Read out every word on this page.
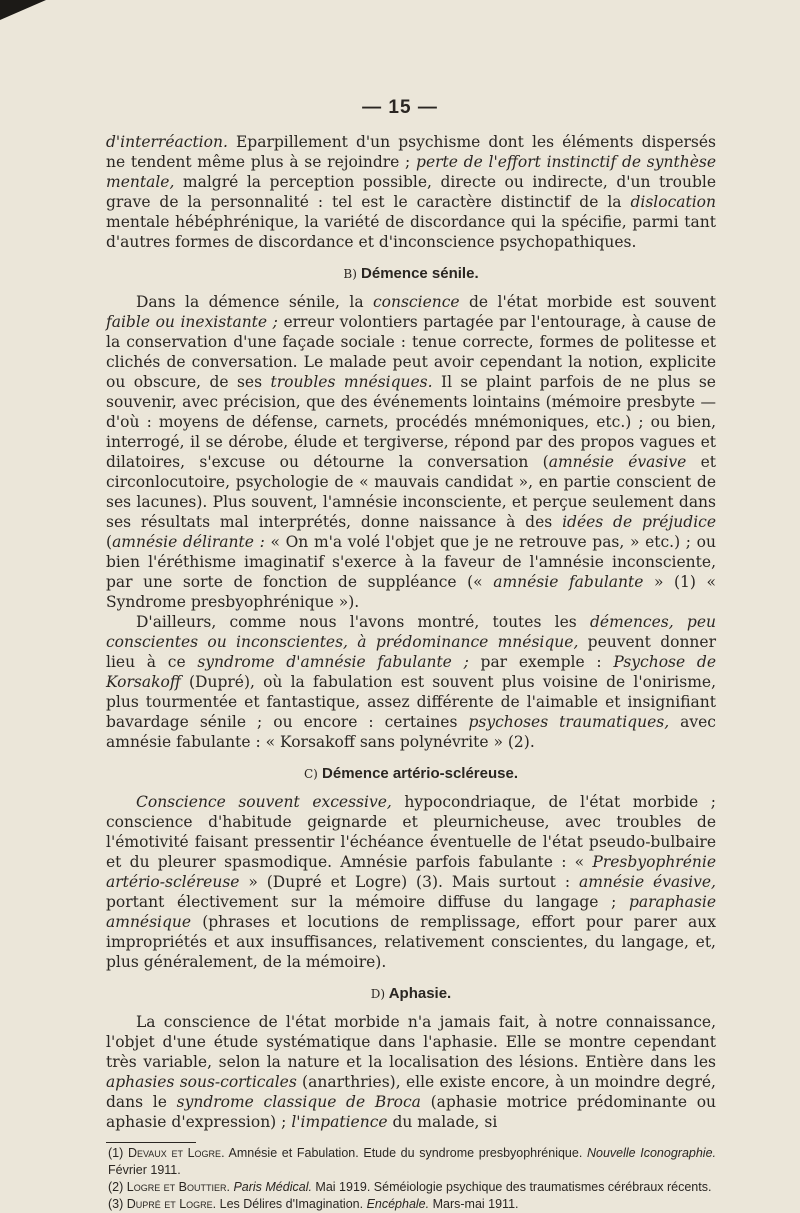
— 15 —

d'interréaction. Eparpillement d'un psychisme dont les éléments dispersés ne tendent même plus à se rejoindre ; perte de l'effort instinctif de synthèse mentale, malgré la perception possible, directe ou indirecte, d'un trouble grave de la personnalité : tel est le caractère distinctif de la dislocation mentale hébéphrénique, la variété de discordance qui la spécifie, parmi tant d'autres formes de discordance et d'inconscience psychopathiques.

B) Démence sénile.

Dans la démence sénile, la conscience de l'état morbide est souvent faible ou inexistante ; erreur volontiers partagée par l'entourage, à cause de la conservation d'une façade sociale : tenue correcte, formes de politesse et clichés de conversation. Le malade peut avoir cependant la notion, explicite ou obscure, de ses troubles mnésiques. Il se plaint parfois de ne plus se souvenir, avec précision, que des événements lointains (mémoire presbyte — d'où : moyens de défense, carnets, procédés mnémoniques, etc.) ; ou bien, interrogé, il se dérobe, élude et tergiverse, répond par des propos vagues et dilatoires, s'excuse ou détourne la conversation (amnésie évasive et circonlocutoire, psychologie de « mauvais candidat », en partie conscient de ses lacunes). Plus souvent, l'amnésie inconsciente, et perçue seulement dans ses résultats mal interprétés, donne naissance à des idées de préjudice (amnésie délirante : « On m'a volé l'objet que je ne retrouve pas, » etc.) ; ou bien l'éréthisme imaginatif s'exerce à la faveur de l'amnésie inconsciente, par une sorte de fonction de suppléance (« amnésie fabulante » (1) « Syndrome presbyophrénique »).

D'ailleurs, comme nous l'avons montré, toutes les démences, peu conscientes ou inconscientes, à prédominance mnésique, peuvent donner lieu à ce syndrome d'amnésie fabulante ; par exemple : Psychose de Korsakoff (Dupré), où la fabulation est souvent plus voisine de l'onirisme, plus tourmentée et fantastique, assez différente de l'aimable et insignifiant bavardage sénile ; ou encore : certaines psychoses traumatiques, avec amnésie fabulante : « Korsakoff sans polynévrite » (2).

C) Démence artério-scléreuse.

Conscience souvent excessive, hypocondriaque, de l'état morbide ; conscience d'habitude geignarde et pleurnicheuse, avec troubles de l'émotivité faisant pressentir l'échéance éventuelle de l'état pseudo-bulbaire et du pleurer spasmodique. Amnésie parfois fabulante : « Presbyophrénie artério-scléreuse » (Dupré et Logre) (3). Mais surtout : amnésie évasive, portant électivement sur la mémoire diffuse du langage ; paraphasie amnésique (phrases et locutions de remplissage, effort pour parer aux impropriétés et aux insuffisances, relativement conscientes, du langage, et, plus généralement, de la mémoire).

D) Aphasie.

La conscience de l'état morbide n'a jamais fait, à notre connaissance, l'objet d'une étude systématique dans l'aphasie. Elle se montre cependant très variable, selon la nature et la localisation des lésions. Entière dans les aphasies sous-corticales (anarthries), elle existe encore, à un moindre degré, dans le syndrome classique de Broca (aphasie motrice prédominante ou aphasie d'expression) ; l'impatience du malade, si

(1) Devaux et Logre. Amnésie et Fabulation. Etude du syndrome presbyophrénique. Nouvelle Iconographie. Février 1911.

(2) Logre et Bouttier. Paris Médical. Mai 1919. Séméiologie psychique des traumatismes cérébraux récents.

(3) Dupré et Logre. Les Délires d'Imagination. Encéphale. Mars-mai 1911.
